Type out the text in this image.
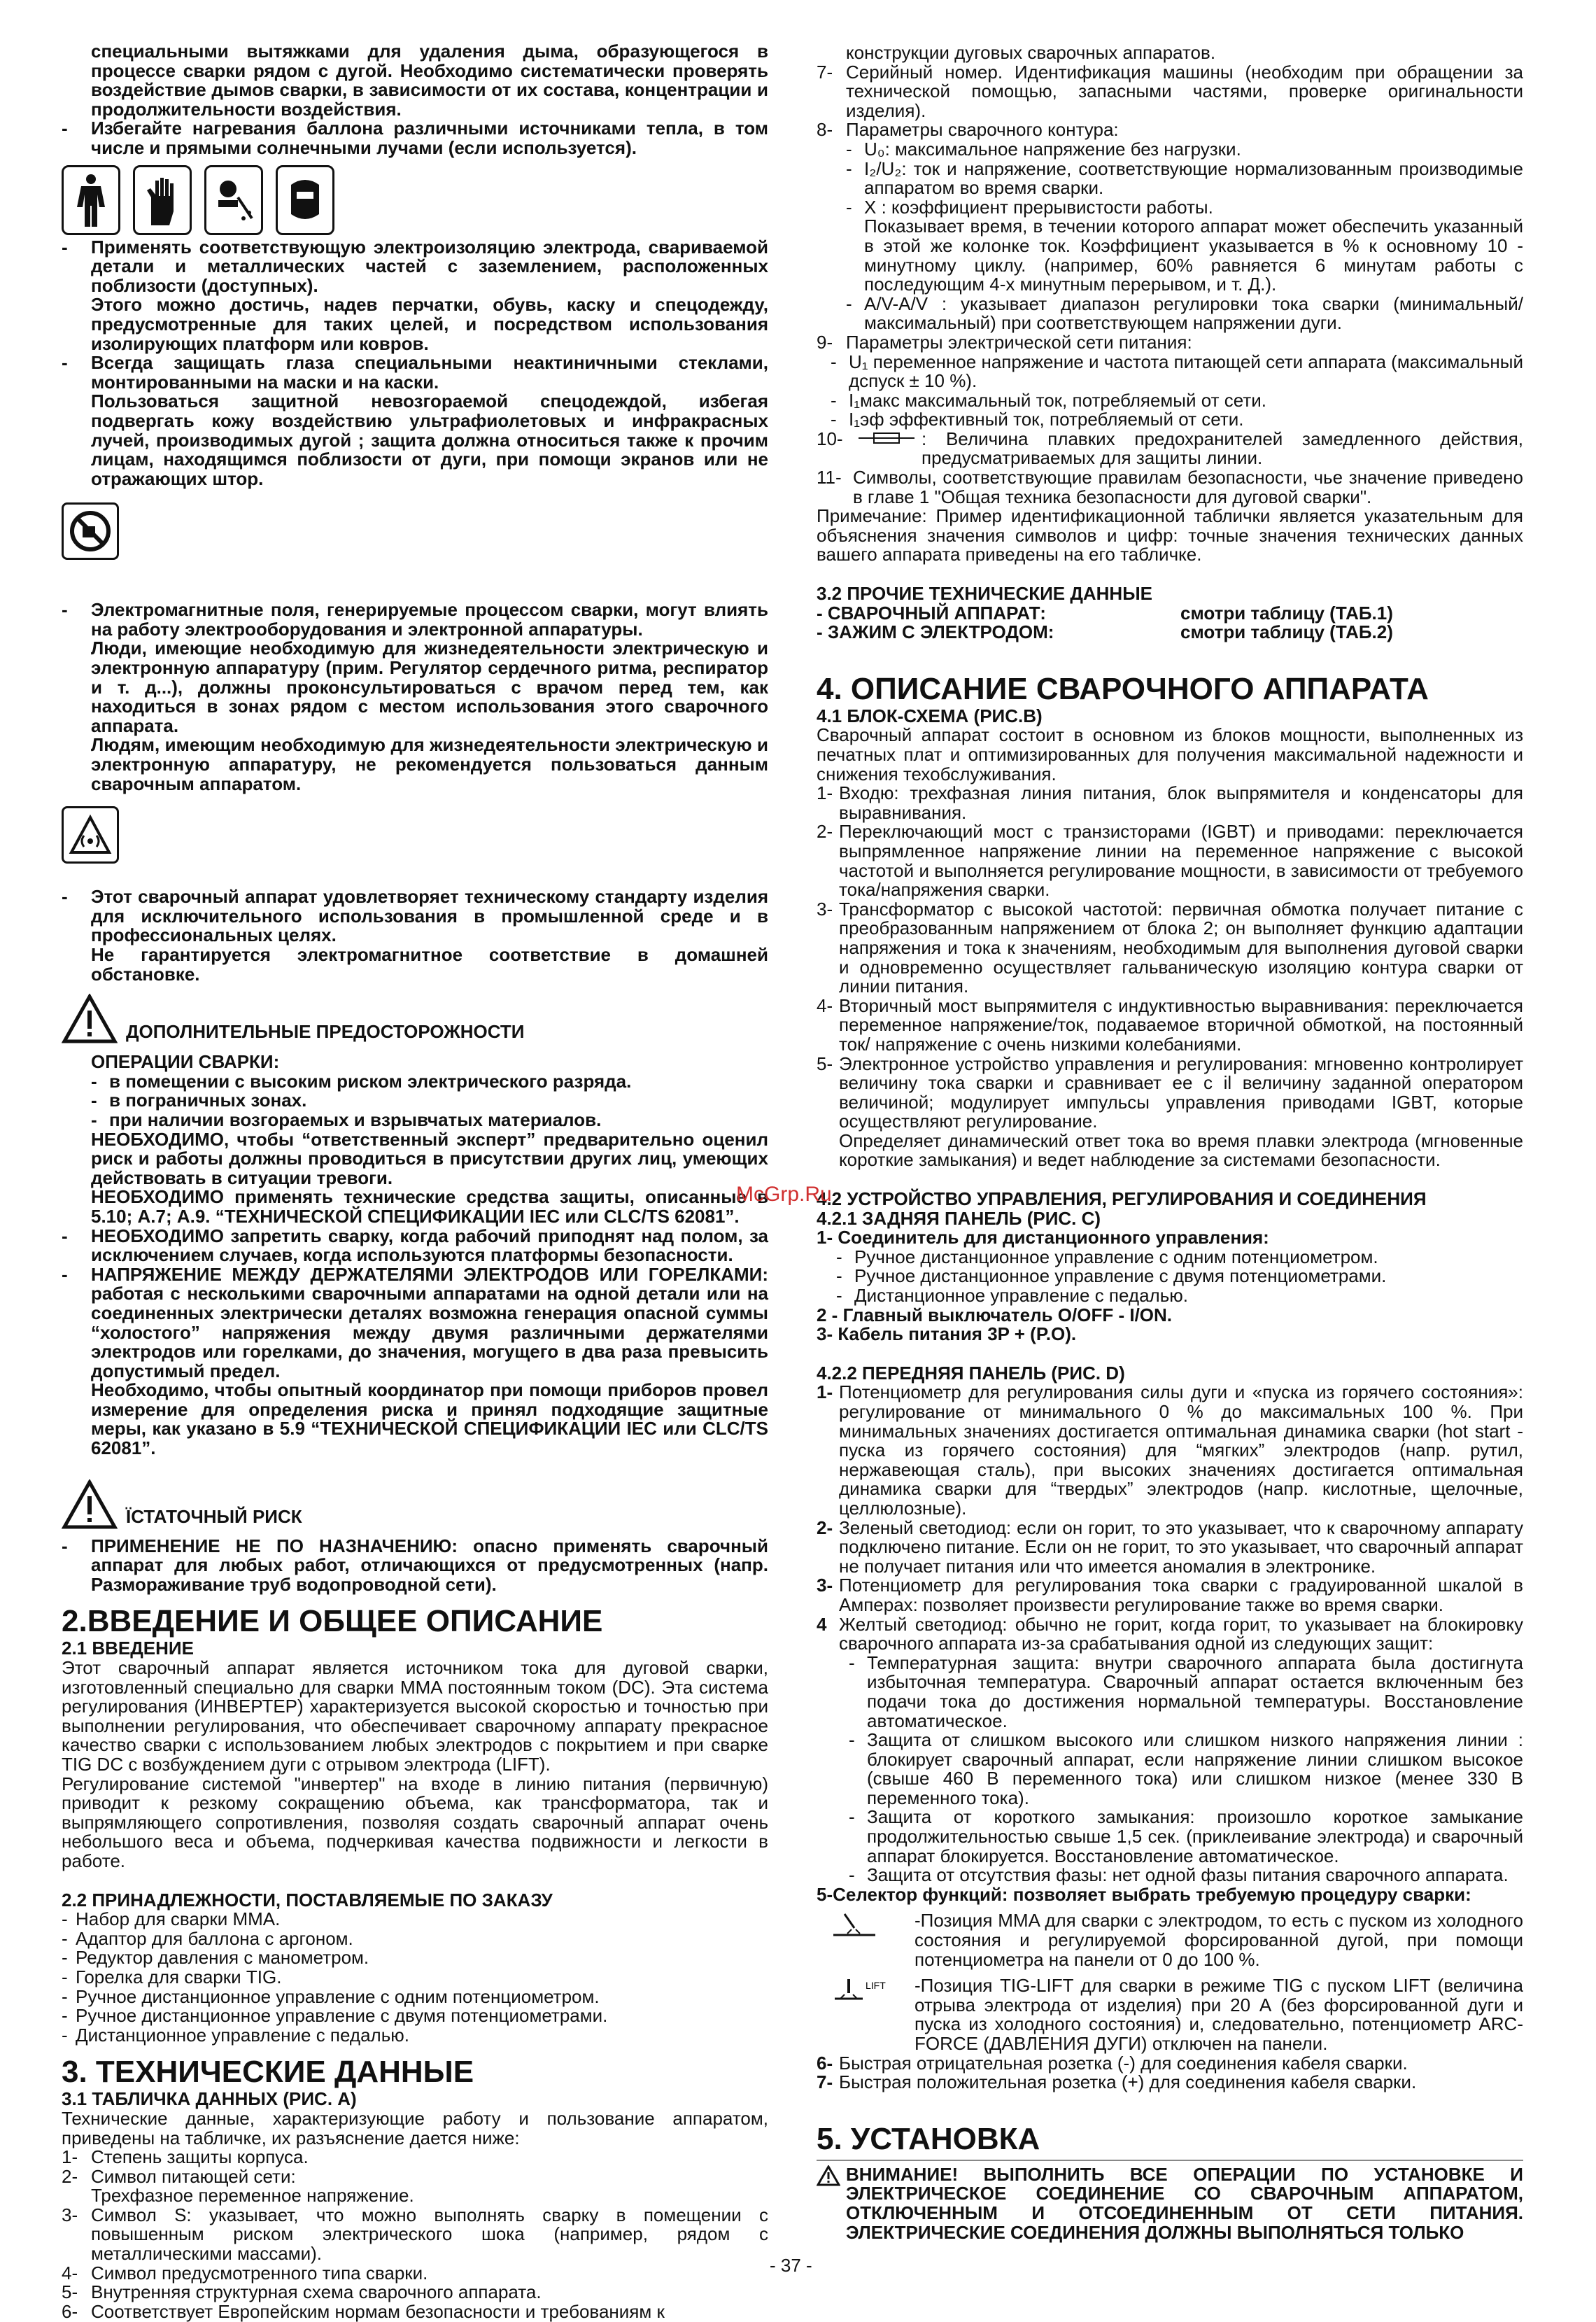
специальными вытяжками для удаления дыма, образующегося в процессе сварки рядом с дугой. Необходимо систематически проверять воздействие дымов сварки, в зависимости от их состава, концентрации и продолжительности воздействия.

-	Избегайте нагревания баллона различными источниками тепла, в том числе и прямыми солнечными лучами (если используется).
-	Применять соответствующую электроизоляцию электрода, свариваемой детали и металлических частей с заземлением, расположенных поблизости (доступных).

Этого можно достичь, надев перчатки, обувь, каску и спецодежду, предусмотренные для таких целей, и посредством использования изолирующих платформ или ковров.

-	Всегда защищать глаза специальными неактиничными стеклами, монтированными на маски и на каски.

Пользоваться защитной невозгораемой спецодеждой, избегая подвергать кожу воздействию ультрафиолетовых и инфракрасных лучей, производимых дугой ; защита должна относиться также к прочим лицам, находящимся поблизости от дуги, при помощи экранов или не отражающих штор.

-	Электромагнитные поля, генерируемые процессом сварки, могут влиять на работу электрооборудования и электронной аппаратуры.

Люди, имеющие необходимую для жизнедеятельности электрическую и электронную аппаратуру (прим. Регулятор сердечного ритма, респиратор и т. д...), должны проконсультироваться с врачом перед тем, как находиться в зонах рядом с местом использования этого сварочного аппарата.

Людям, имеющим необходимую для жизнедеятельности электрическую и электронную аппаратуру, не рекомендуется пользоваться данным сварочным аппаратом.

-	Этот сварочный аппарат удовлетворяет техническому стандарту изделия для исключительного использования в промышленной среде и в профессиональных целях.

Не гарантируется электромагнитное соответствие в домашней обстановке.

ДОПОЛНИТЕЛЬНЫЕ ПРЕДОСТОРОЖНОСТИ

ОПЕРАЦИИ СВАРКИ:

- в помещении с высоким риском электрического разряда.
- в пограничных зонах.
- при наличии возгораемых и взрывчатых материалов.

НЕОБХОДИМО, чтобы “ответственный эксперт” предварительно оценил риск и работы должны проводиться в присутствии других лиц, умеющих действовать в ситуации тревоги.

НЕОБХОДИМО применять технические средства защиты, описанные в 5.10; А.7; А.9. “ТЕХНИЧЕСКОЙ СПЕЦИФИКАЦИИ IEC или CLC/TS 62081”.

-	НЕОБХОДИМО запретить сварку, когда рабочий приподнят над полом, за исключением случаев, когда используются платформы безопасности.
-	НАПРЯЖЕНИЕ МЕЖДУ ДЕРЖАТЕЛЯМИ ЭЛЕКТРОДОВ ИЛИ ГОРЕЛКАМИ: работая с несколькими сварочными аппаратами на одной детали или на соединенных электрически деталях возможна генерация опасной суммы “холостого” напряжения между двумя различными держателями электродов или горелками, до значения, могущего в два раза превысить допустимый предел.

Необходимо, чтобы опытный координатор при помощи приборов провел измерение для определения риска и принял подходящие защитные меры, как указано в 5.9 “ТЕХНИЧЕСКОЙ СПЕЦИФИКАЦИИ IEC или CLC/TS 62081”.

ÏСТАТОЧНЫЙ РИСК
-	ПРИМЕНЕНИЕ НЕ ПО НАЗНАЧЕНИЮ: опасно применять сварочный аппарат для любых работ, отличающихся от предусмотренных (напр. Размораживание труб водопроводной сети).

2.ВВЕДЕНИЕ И ОБЩЕЕ ОПИСАНИЕ

2.1 ВВЕДЕНИЕ

Этот сварочный аппарат является источником тока для дуговой сварки, изготовленный специально для сварки MMA постоянным током (DC). Эта система регулирования (ИНВЕРТЕР) характеризуется высокой скоростью и точностью при выполнении регулирования, что обеспечивает сварочному аппарату прекрасное качество сварки с использованием любых электродов с покрытием и при сварке TIG DC с возбуждением дуги с отрывом электрода (LIFT).

Регулирование системой "инвертер" на входе в линию питания (первичную) приводит к резкому сокращению объема, как трансформатора, так и выпрямляющего сопротивления, позволяя создать сварочный аппарат очень небольшого веса и объема, подчеркивая качества подвижности и легкости в работе.

2.2 ПРИНАДЛЕЖНОСТИ, ПОСТАВЛЯЕМЫЕ ПО ЗАКАЗУ

- Набор для сварки MMA.
- Адаптор для баллона с аргоном.
- Редуктор давления с манометром.
- Горелка для сварки TIG.
- Ручное дистанционное управление с одним потенциометром.
- Ручное дистанционное управление с двумя потенциометрами.
- Дистанционное управление с педалью.

3. ТЕХНИЧЕСКИЕ ДАННЫЕ

3.1 ТАБЛИЧКА ДАННЫХ (РИС. A)

Технические данные, характеризующие работу и пользование аппаратом, приведены на табличке, их разъяснение дается ниже:

1- Степень защиты корпуса.
2- Символ питающей сети:
Трехфазное переменное напряжение.
3- Символ S: указывает, что можно выполнять сварку в помещении с повышенным риском электрического шока (например, рядом с металлическими массами).
4- Символ предусмотренного типа сварки.
5- Внутренняя структурная схема сварочного аппарата.
6- Соответствует Европейским нормам безопасности и требованиям к

конструкции дуговых сварочных аппаратов.

7- Серийный номер. Идентификация машины (необходим при обращении за технической помощью, запасными частями, проверке оригинальности изделия).
8- Параметры сварочного контура:
- U₀: максимальное напряжение без нагрузки.
- I₂/U₂: ток и напряжение, соответствующие нормализованным производимые аппаратом во время сварки.
- X : коэффициент прерывистости работы.

Показывает время, в течении которого аппарат может обеспечить указанный в этой же колонке ток. Коэффициент указывается в % к основному 10 - минутному циклу. (например, 60% равняется 6 минутам работы с последующим 4-х минутным перерывом, и т. Д.).

- A/V-A/V : указывает диапазон регулировки тока сварки (минимальный/максимальный) при соответствующем напряжении дуги.
9- Параметры электрической сети питания:
- U₁ переменное напряжение и частота питающей сети аппарата (максимальный дспуск ± 10 %).
- I₁макс максимальный ток, потребляемый от сети.
- I₁эф эффективный ток, потребляемый от сети.
10-	: Величина плавких предохранителей замедленного действия, предусматриваемых для защиты линии.
11- Символы, соответствующие правилам безопасности, чье значение приведено в главе 1 "Общая техника безопасности для дуговой сварки".

Примечание: Пример идентификационной таблички является указательным для объяснения значения символов и цифр: точные значения технических данных вашего аппарата приведены на его табличке.

3.2 ПРОЧИЕ ТЕХНИЧЕСКИЕ ДАННЫЕ

- СВАРОЧНЫЙ АППАРАТ:	смотри таблицу (ТАБ.1)
- ЗАЖИМ С ЭЛЕКТРОДОМ:	смотри таблицу (ТАБ.2)

4. ОПИСАНИЕ СВАРОЧНОГО АППАРАТА

4.1 БЛОК-СХЕМА (РИС.B)

Сварочный аппарат состоит в основном из блоков мощности, выполненных из печатных плат и оптимизированных для получения максимальной надежности и снижения техобслуживания.

1- Входю: трехфазная линия питания, блок выпрямителя и конденсаторы для выравнивания.
2- Переключающий мост с транзисторами (IGBT) и приводами: переключается выпрямленное напряжение линии на переменное напряжение с высокой частотой и выполняется регулирование мощности, в зависимости от требуемого тока/напряжения сварки.
3- Трансформатор с высокой частотой: первичная обмотка получает питание с преобразованным напряжением от блока 2; он выполняет функцию адаптации напряжения и тока к значениям, необходимым для выполнения дуговой сварки и одновременно осуществляет гальваническую изоляцию контура сварки от линии питания.
4- Вторичный мост выпрямителя с индуктивностью выравнивания: переключается переменное напряжение/ток, подаваемое вторичной обмоткой, на постоянный ток/ напряжение с очень низкими колебаниями.
5- Электронное устройство управления и регулирования: мгновенно контролирует величину тока сварки и сравнивает ее с il величину заданной оператором величиной; модулирует импульсы управления приводами IGBT, которые осуществляют регулирование.

Определяет динамический ответ тока во время плавки электрода (мгновенные короткие замыкания) и ведет наблюдение за системами безопасности.

4.2 УСТРОЙСТВО УПРАВЛЕНИЯ, РЕГУЛИРОВАНИЯ И СОЕДИНЕНИЯ

4.2.1 ЗАДНЯЯ ПАНЕЛЬ (РИС. C)

1- Соединитель для дистанционного управления:

- Ручное дистанционное управление с одним потенциометром.
- Ручное дистанционное управление с двумя потенциометрами.
- Дистанционное управление с педалью.

2 - Главный выключатель O/OFF - I/ON.

3- Кабель питания 3P + (P.O).

4.2.2 ПЕРЕДНЯЯ ПАНЕЛЬ (РИС. D)

1- Потенциометр для регулирования силы дуги и «пуска из горячего состояния»: регулирование от минимального 0 % до максимальных 100 %. При минимальных значениях достигается оптимальная динамика сварки (hot start - пуска из горячего состояния) для “мягких” электродов (напр. рутил, нержавеющая сталь), при высоких значениях достигается оптимальная динамика сварки для “твердых” электродов (напр. кислотные, щелочные, целлюлозные).
2- Зеленый светодиод: если он горит, то это указывает, что к сварочному аппарату подключено питание. Если он не горит, то это указывает, что сварочный аппарат не получает питания или что имеется аномалия в электронике.
3- Потенциометр для регулирования тока сварки с градуированной шкалой в Амперах: позволяет произвести регулирование также во время сварки.
4 Желтый светодиод: обычно не горит, когда горит, то указывает на блокировку сварочного аппарата из-за срабатывания одной из следующих защит:
- Температурная защита: внутри сварочного аппарата была достигнута избыточная температура. Сварочный аппарат остается включенным без подачи тока до достижения нормальной температуры. Восстановление автоматическое.
- Защита от слишком высокого или слишком низкого напряжения линии : блокирует сварочный аппарат, если напряжение линии слишком высокое (свыше 460 В переменного тока) или слишком низкое (менее 330 В переменного тока).
- Защита от короткого замыкания: произошло короткое замыкание продолжительностью свыше 1,5 сек. (приклеивание электрода) и сварочный аппарат блокируется. Восстановление автоматическое.
- Защита от отсутствия фазы: нет одной фазы питания сварочного аппарата.

5-Селектор функций: позволяет выбрать требуемую процедуру сварки:

-Позиция MMA для сварки с электродом, то есть с пуском из холодного состояния и регулируемой форсированной дугой, при помощи потенциометра на панели от 0 до 100 %.
LIFT -Позиция TIG-LIFT для сварки в режиме TIG с пуском LIFT (величина отрыва электрода от изделия) при 20 А (без форсированной дуги и пуска из холодного состояния) и, следовательно, потенциометр ARC-FORCE (ДАВЛЕНИЯ ДУГИ) отключен на панели.
6- Быстрая отрицательная розетка (-) для соединения кабеля сварки.
7- Быстрая положительная розетка (+) для соединения кабеля сварки.

5. УСТАНОВКА

ВНИМАНИЕ! ВЫПОЛНИТЬ ВСЕ ОПЕРАЦИИ ПО УСТАНОВКЕ И ЭЛЕКТРИЧЕСКОЕ СОЕДИНЕНИЕ СО СВАРОЧНЫМ АППАРАТОМ, ОТКЛЮЧЕННЫМ И ОТСОЕДИНЕННЫМ ОТ СЕТИ ПИТАНИЯ. ЭЛЕКТРИЧЕСКИЕ СОЕДИНЕНИЯ ДОЛЖНЫ ВЫПОЛНЯТЬСЯ ТОЛЬКО
McGrp.Ru
- 37 -
